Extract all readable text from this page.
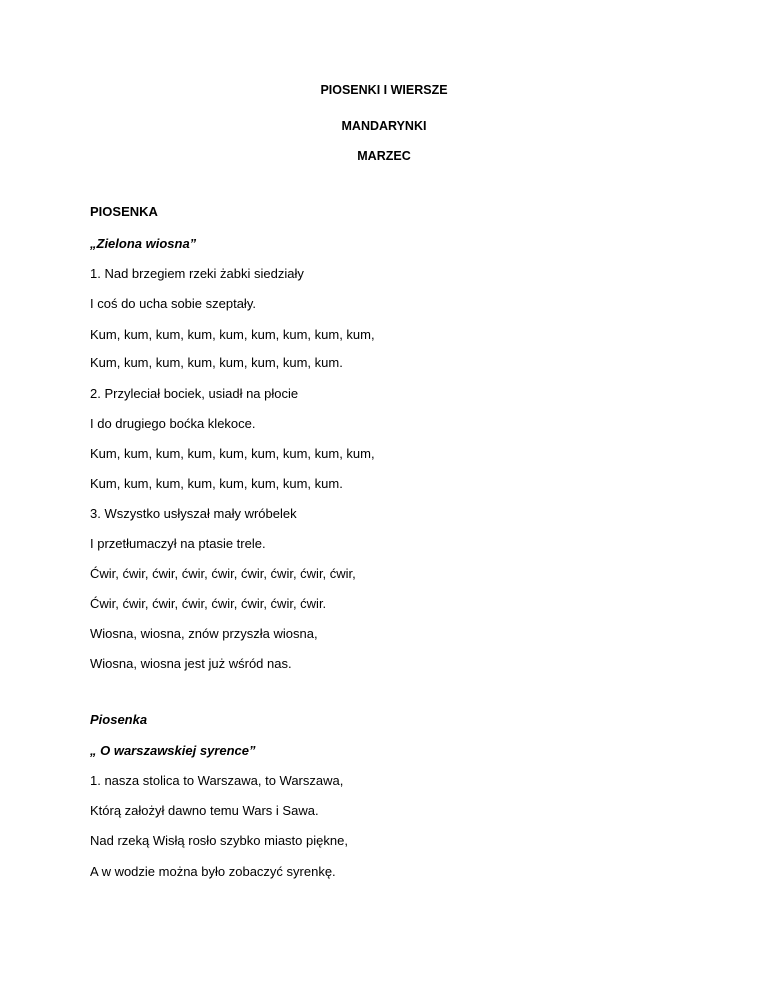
PIOSENKI I WIERSZE
MANDARYNKI
MARZEC
PIOSENKA
„Zielona wiosna”
1. Nad brzegiem rzeki żabki siedziały
I coś do ucha sobie szeptały.
Kum, kum, kum, kum, kum, kum, kum, kum, kum,
Kum, kum, kum, kum, kum, kum, kum, kum.
2. Przyleciał bociek, usiadł na płocie
I do drugiego boćka klekoce.
Kum, kum, kum, kum, kum, kum, kum, kum, kum,
Kum, kum, kum, kum, kum, kum, kum, kum.
3. Wszystko usłyszał mały wróbelek
I przetłumaczył na ptasie trele.
Ćwir, ćwir, ćwir, ćwir, ćwir, ćwir, ćwir, ćwir, ćwir,
Ćwir, ćwir, ćwir, ćwir, ćwir, ćwir, ćwir, ćwir.
Wiosna, wiosna, znów przyszła wiosna,
Wiosna, wiosna jest już wśród nas.
Piosenka
„ O warszawskiej syrence”
1. nasza stolica to Warszawa, to Warszawa,
Którą założył dawno temu Wars i Sawa.
Nad rzeką Wisłą rosło szybko miasto piękne,
A w wodzie można było zobaczyć syrenkę.
